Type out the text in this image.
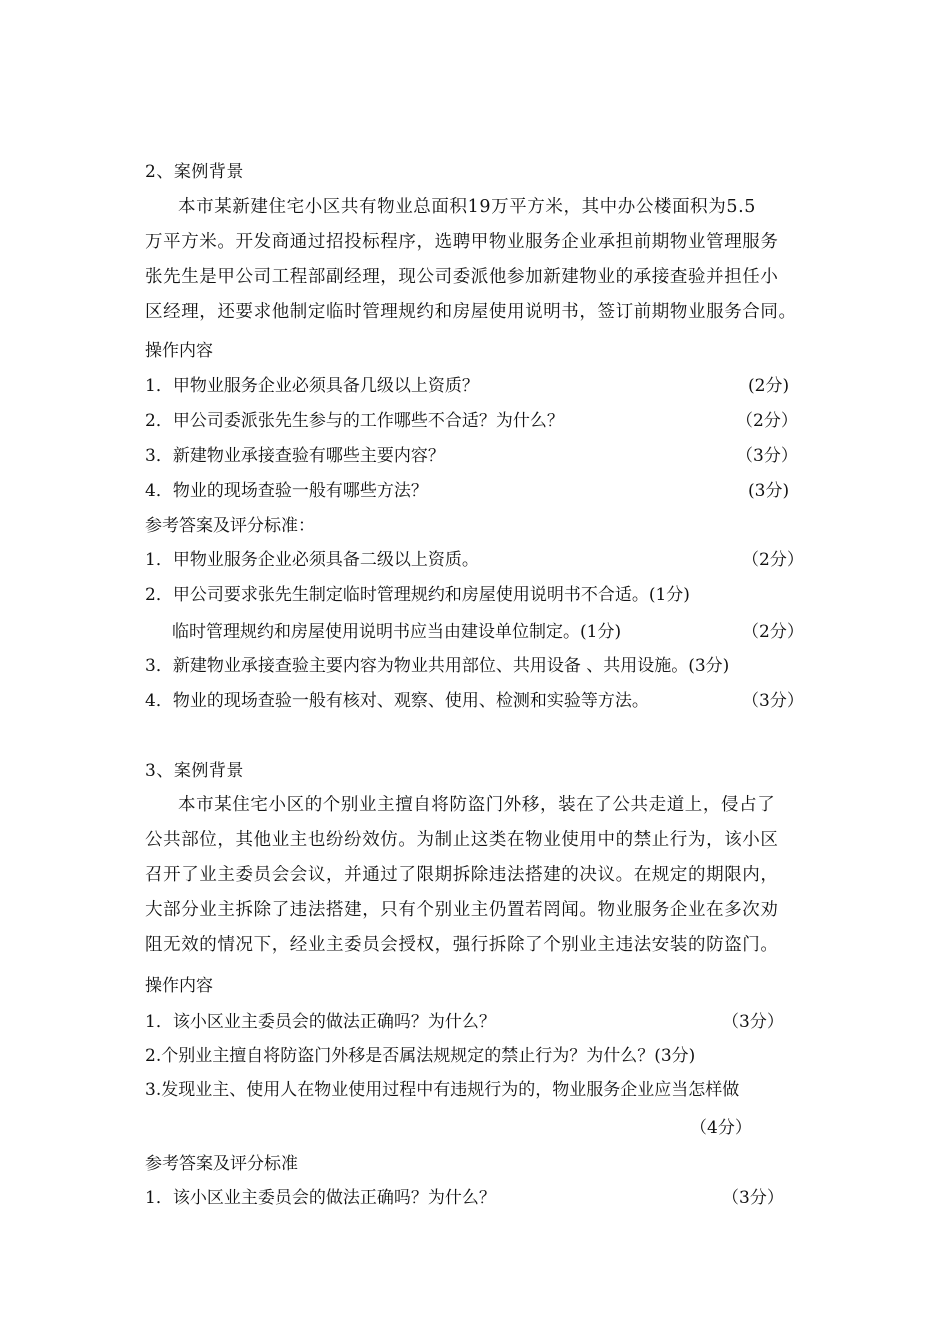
2、案例背景
本市某新建住宅小区共有物业总面积19万平方米，其中办公楼面积为5.5
万平方米。开发商通过招投标程序，选聘甲物业服务企业承担前期物业管理服务
张先生是甲公司工程部副经理，现公司委派他参加新建物业的承接查验并担任小
区经理，还要求他制定临时管理规约和房屋使用说明书，签订前期物业服务合同。
操作内容
1．甲物业服务企业必须具备几级以上资质？	(2分)
2．甲公司委派张先生参与的工作哪些不合适？为什么？	（2分）
3．新建物业承接查验有哪些主要内容？	（3分）
4．物业的现场查验一般有哪些方法？	(3分)
参考答案及评分标准：
1．甲物业服务企业必须具备二级以上资质。	（2分）
2．甲公司要求张先生制定临时管理规约和房屋使用说明书不合适。(1分)
临时管理规约和房屋使用说明书应当由建设单位制定。(1分)	（2分）
3．新建物业承接查验主要内容为物业共用部位、共用设备 、共用设施。(3分)
4．物业的现场查验一般有核对、观察、使用、检测和实验等方法。	（3分）
3、案例背景
本市某住宅小区的个别业主擅自将防盗门外移，装在了公共走道上，侵占了
公共部位，其他业主也纷纷效仿。为制止这类在物业使用中的禁止行为，该小区
召开了业主委员会会议，并通过了限期拆除违法搭建的决议。在规定的期限内，
大部分业主拆除了违法搭建，只有个别业主仍置若罔闻。物业服务企业在多次劝
阻无效的情况下，经业主委员会授权，强行拆除了个别业主违法安装的防盗门。
操作内容
1．该小区业主委员会的做法正确吗？为什么？	（3分）
2.个别业主擅自将防盗门外移是否属法规规定的禁止行为？为什么？(3分)
3.发现业主、使用人在物业使用过程中有违规行为的，物业服务企业应当怎样做
（4分）
参考答案及评分标准
1．该小区业主委员会的做法正确吗？为什么？	（3分）
